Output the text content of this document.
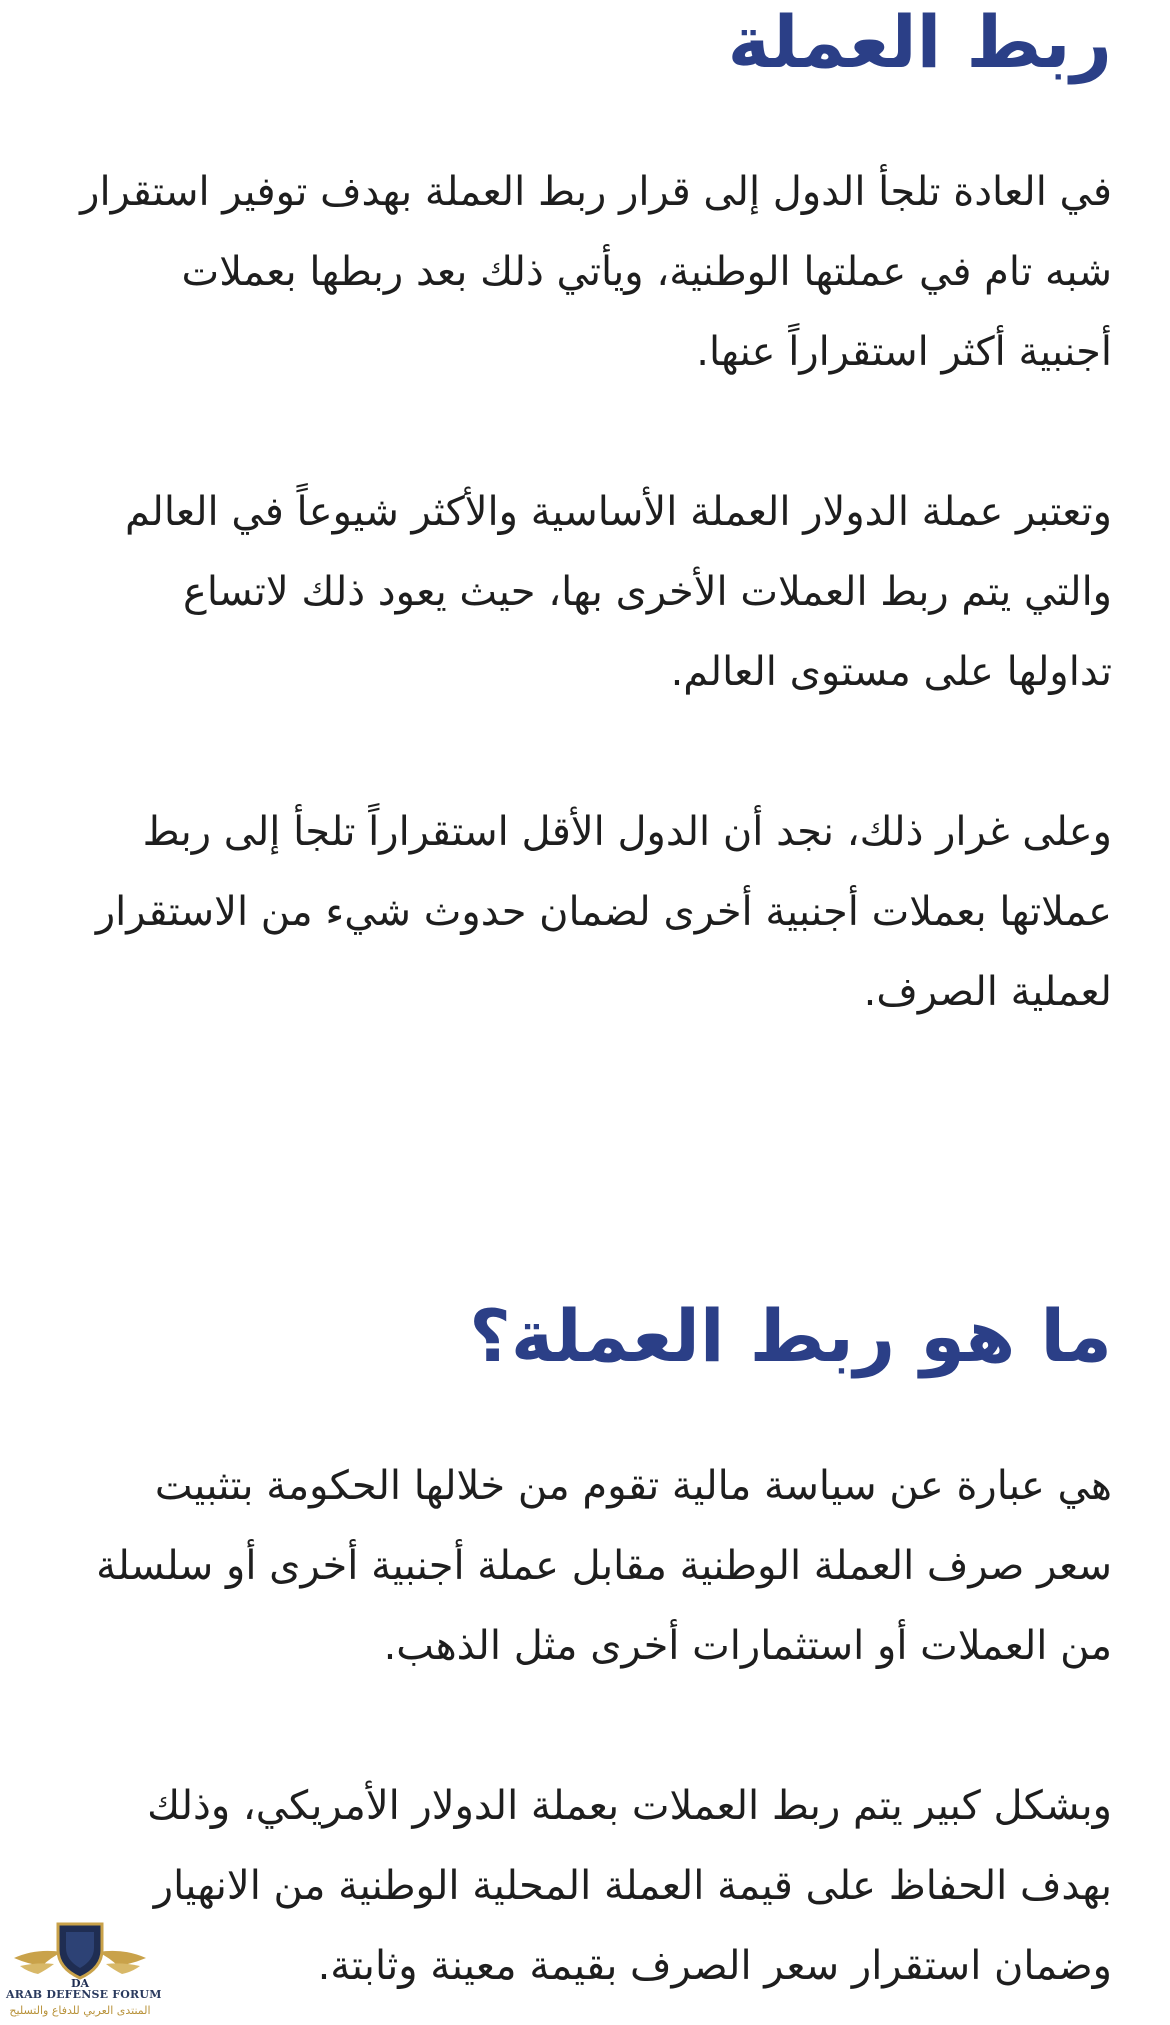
ربط العملة

في العادة تلجأ الدول إلى قرار ربط العملة بهدف توفير استقرار

شبه تام في عملتها الوطنية، ويأتي ذلك بعد ربطها بعملات

أجنبية أكثر استقراراً عنها.

وتعتبر عملة الدولار العملة الأساسية والأكثر شيوعاً في العالم

والتي يتم ربط العملات الأخرى بها، حيث يعود ذلك لاتساع

تداولها على مستوى العالم.

وعلى غرار ذلك، نجد أن الدول الأقل استقراراً تلجأ إلى ربط

عملاتها بعملات أجنبية أخرى لضمان حدوث شيء من الاستقرار

لعملية الصرف.

ما هو ربط العملة؟

هي عبارة عن سياسة مالية تقوم من خلالها الحكومة بتثبيت

سعر صرف العملة الوطنية مقابل عملة أجنبية أخرى أو سلسلة

من العملات أو استثمارات أخرى مثل الذهب.

وبشكل كبير يتم ربط العملات بعملة الدولار الأمريكي، وذلك

بهدف الحفاظ على قيمة العملة المحلية الوطنية من الانهيار

وضمان استقرار سعر الصرف بقيمة معينة وثابتة.

DA
ARAB DEFENSE FORUM
المنتدى العربي للدفاع والتسليح
